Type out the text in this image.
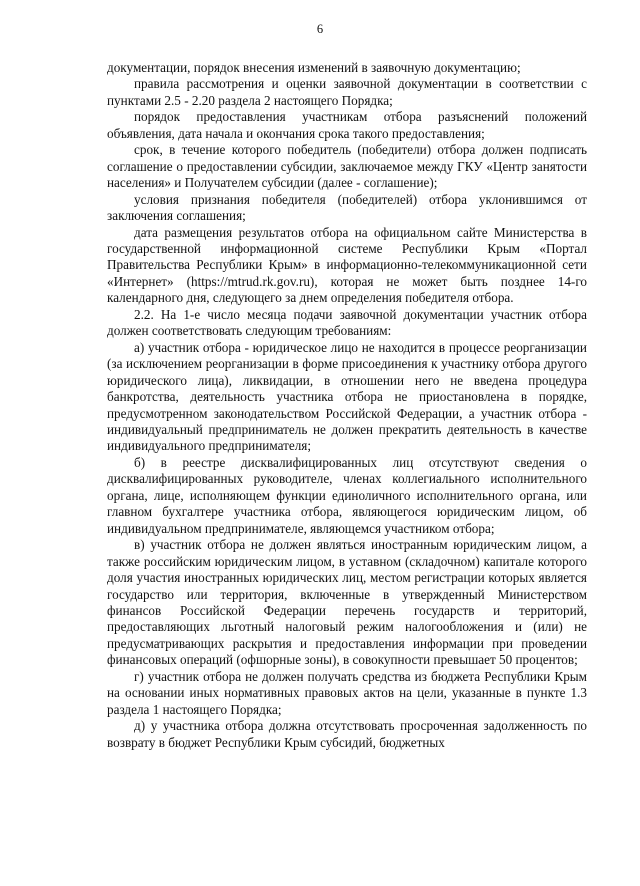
6

документации, порядок внесения изменений в заявочную документацию;

правила рассмотрения и оценки заявочной документации в соответствии с пунктами 2.5 - 2.20 раздела 2 настоящего Порядка;

порядок предоставления участникам отбора разъяснений положений объявления, дата начала и окончания срока такого предоставления;

срок, в течение которого победитель (победители) отбора должен подписать соглашение о предоставлении субсидии, заключаемое между ГКУ «Центр занятости населения» и Получателем субсидии (далее - соглашение);

условия признания победителя (победителей) отбора уклонившимся от заключения соглашения;

дата размещения результатов отбора на официальном сайте Министерства в государственной информационной системе Республики Крым «Портал Правительства Республики Крым» в информационно-телекоммуникационной сети «Интернет» (https://mtrud.rk.gov.ru), которая не может быть позднее 14-го календарного дня, следующего за днем определения победителя отбора.

2.2. На 1-е число месяца подачи заявочной документации участник отбора должен соответствовать следующим требованиям:

а) участник отбора - юридическое лицо не находится в процессе реорганизации (за исключением реорганизации в форме присоединения к участнику отбора другого юридического лица), ликвидации, в отношении него не введена процедура банкротства, деятельность участника отбора не приостановлена в порядке, предусмотренном законодательством Российской Федерации, а участник отбора - индивидуальный предприниматель не должен прекратить деятельность в качестве индивидуального предпринимателя;

б) в реестре дисквалифицированных лиц отсутствуют сведения о дисквалифицированных руководителе, членах коллегиального исполнительного органа, лице, исполняющем функции единоличного исполнительного органа, или главном бухгалтере участника отбора, являющегося юридическим лицом, об индивидуальном предпринимателе, являющемся участником отбора;

в) участник отбора не должен являться иностранным юридическим лицом, а также российским юридическим лицом, в уставном (складочном) капитале которого доля участия иностранных юридических лиц, местом регистрации которых является государство или территория, включенные в утвержденный Министерством финансов Российской Федерации перечень государств и территорий, предоставляющих льготный налоговый режим налогообложения и (или) не предусматривающих раскрытия и предоставления информации при проведении финансовых операций (офшорные зоны), в совокупности превышает 50 процентов;

г) участник отбора не должен получать средства из бюджета Республики Крым на основании иных нормативных правовых актов на цели, указанные в пункте 1.3 раздела 1 настоящего Порядка;

д) у участника отбора должна отсутствовать просроченная задолженность по возврату в бюджет Республики Крым субсидий, бюджетных
